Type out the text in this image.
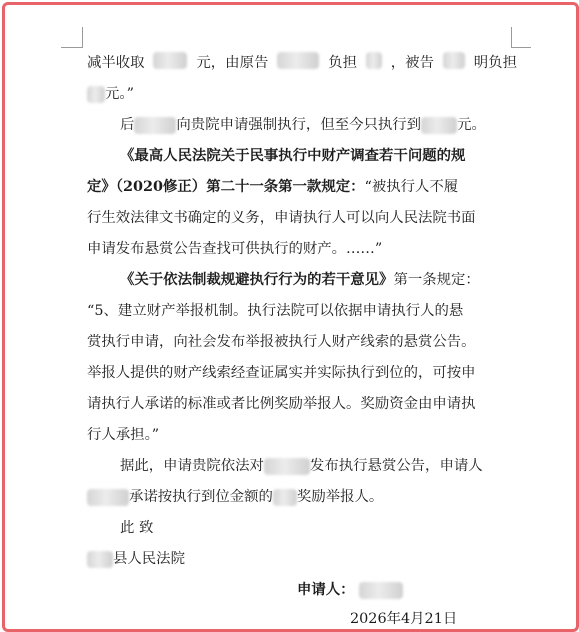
减半收取	元，由原告	负担 ，被告	明负担
元。”
后	向贵院申请强制执行，但至今只执行到	元。
《最高人民法院关于民事执行中财产调查若干问题的规
定》（2020修正）第二十一条第一款规定：“被执行人不履
行生效法律文书确定的义务，申请执行人可以向人民法院书面
申请发布悬赏公告查找可供执行的财产。……”
《关于依法制裁规避执行行为的若干意见》第一条规定：
“5、建立财产举报机制。执行法院可以依据申请执行人的悬
赏执行申请，向社会发布举报被执行人财产线索的悬赏公告。
举报人提供的财产线索经查证属实并实际执行到位的，可按申
请执行人承诺的标准或者比例奖励举报人。奖励资金由申请执
行人承担。”
据此，申请贵院依法对	发布执行悬赏公告，申请人
承诺按执行到位金额的 奖励举报人。
此 致
县人民法院
申请人：
2026年4月21日
